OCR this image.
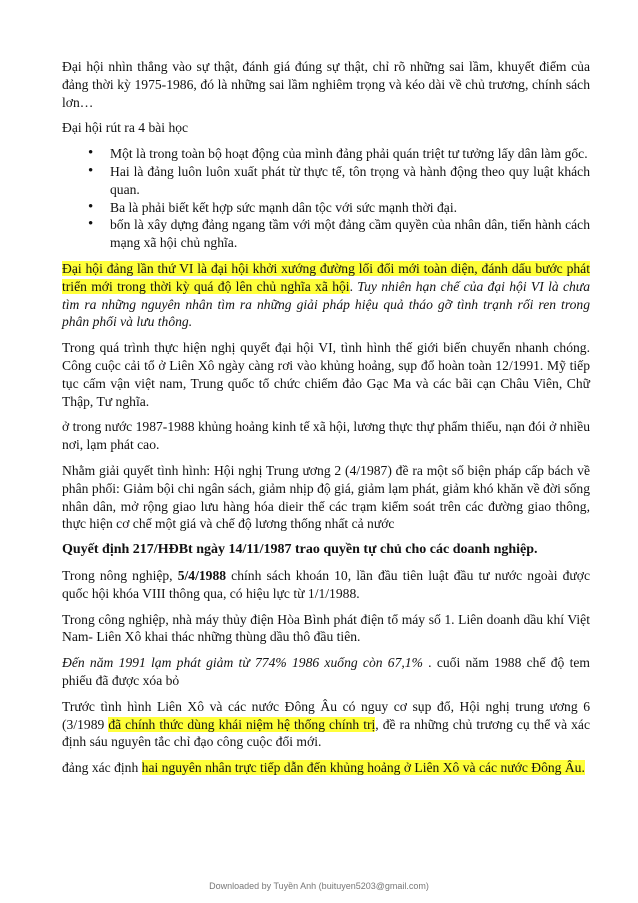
Đại hội nhìn thẳng vào sự thật, đánh giá đúng sự thật, chỉ rõ những sai lầm, khuyết điểm của đảng thời kỳ 1975-1986, đó là những sai lầm nghiêm trọng và kéo dài về chủ trương, chính sách lơn…

Đại hội rút ra 4 bài học

• Một là trong toàn bộ hoạt động của mình đảng phải quán triệt tư tưởng lấy dân làm gốc.
• Hai là đảng luôn luôn xuất phát từ thực tế, tôn trọng và hành động theo quy luật khách quan.
• Ba là phải biết kết hợp sức mạnh dân tộc với sức mạnh thời đại.
• bốn là xây dựng đảng ngang tầm với một đảng cầm quyền của nhân dân, tiến hành cách mạng xã hội chủ nghĩa.

Đại hội đảng lần thứ VI là đại hội khởi xướng đường lối đổi mới toàn diện, đánh dấu bước phát triển mới trong thời kỳ quá độ lên chủ nghĩa xã hội. Tuy nhiên hạn chế của đại hội VI là chưa tìm ra những nguyên nhân tìm ra những giải pháp hiệu quả tháo gỡ tình trạnh rối ren trong phân phối và lưu thông.

Trong quá trình thực hiện nghị quyết đại hội VI, tình hình thế giới biến chuyển nhanh chóng. Công cuộc cải tổ ở Liên Xô ngày càng rơi vào khủng hoảng, sụp đổ hoàn toàn 12/1991. Mỹ tiếp tục cấm vận việt nam, Trung quốc tổ chức chiếm đảo Gạc Ma và các bãi cạn Châu Viên, Chữ Thập, Tư nghĩa.

ở trong nước 1987-1988 khủng hoảng kinh tế xã hội, lương thực thự phẩm thiếu, nạn đói ở nhiều nơi, lạm phát cao.

Nhằm giải quyết tình hình: Hội nghị Trung ương 2 (4/1987) đề ra một số biện pháp cấp bách về phân phối: Giảm bội chi ngân sách, giảm nhịp độ giá, giảm lạm phát, giảm khó khăn về đời sống nhân dân, mở rộng giao lưu hàng hóa dieir thế các trạm kiểm soát trên các đường giao thông, thực hiện cơ chế một giá và chế độ lương thống nhất cả nước

Quyết định 217/HĐBt ngày 14/11/1987 trao quyền tự chủ cho các doanh nghiệp.

Trong nông nghiệp, 5/4/1988 chính sách khoán 10, lần đầu tiên luật đầu tư nước ngoài được quốc hội khóa VIII thông qua, có hiệu lực từ 1/1/1988.

Trong công nghiệp, nhà máy thủy điện Hòa Bình phát điện tổ máy số 1. Liên doanh dầu khí Việt Nam- Liên Xô khai thác những thùng dầu thô đầu tiên.

Đến năm 1991 lạm phát giảm từ 774% 1986 xuống còn 67,1% . cuối năm 1988 chế độ tem phiếu đã được xóa bỏ

Trước tình hình Liên Xô và các nước Đông Âu có nguy cơ sụp đổ, Hội nghị trung ương 6 (3/1989 đã chính thức dùng khái niệm hệ thống chính trị, đề ra những chủ trương cụ thể và xác định sáu nguyên tắc chỉ đạo công cuộc đổi mới.

đảng xác định hai nguyên nhân trực tiếp dẫn đến khủng hoảng ở Liên Xô và các nước Đông Âu.

Downloaded by Tuyền Anh (buituyen5203@gmail.com)
